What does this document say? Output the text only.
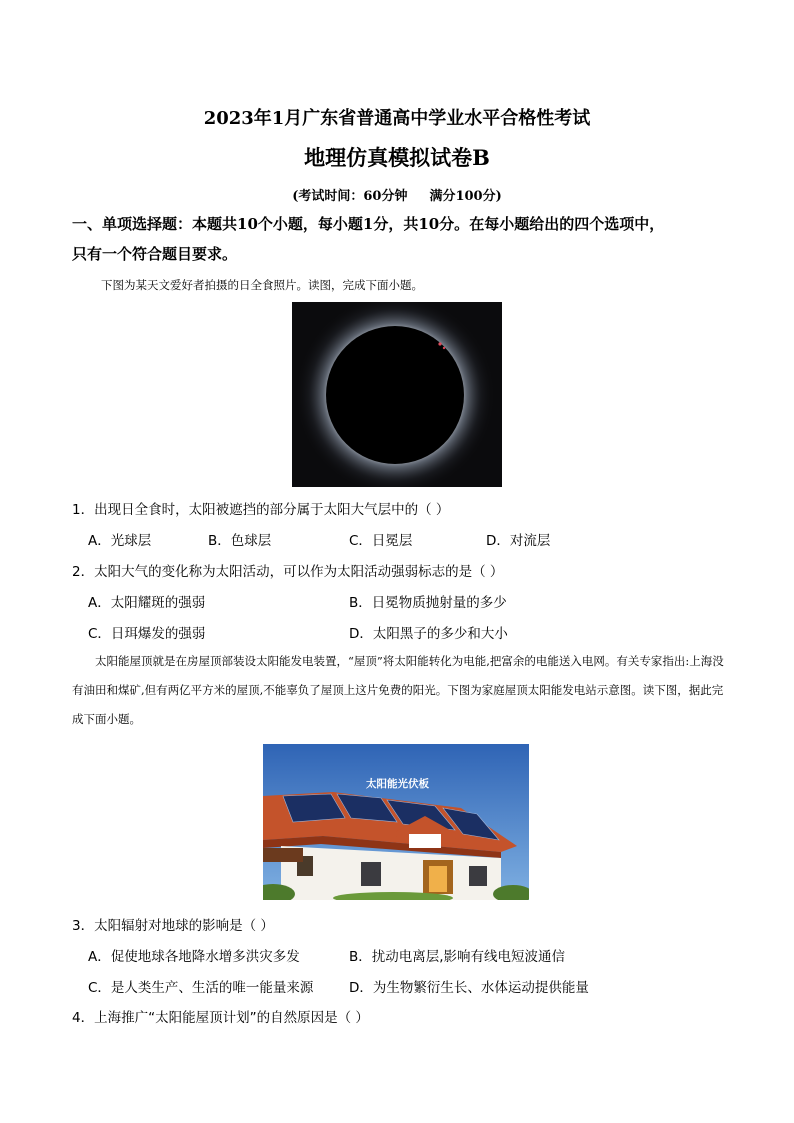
2023年1月广东省普通高中学业水平合格性考试
地理仿真模拟试卷B
(考试时间：60分钟 满分100分)
一、单项选择题：本题共10个小题，每小题1分，共10分。在每小题给出的四个选项中，
只有一个符合题目要求。
下图为某天文爱好者拍摄的日全食照片。读图，完成下面小题。
1．出现日全食时，太阳被遮挡的部分属于太阳大气层中的（ ）
A．光球层	B．色球层	C．日冕层	D．对流层
2．太阳大气的变化称为太阳活动，可以作为太阳活动强弱标志的是（ ）
A．太阳耀斑的强弱	B．日冕物质抛射量的多少
C．日珥爆发的强弱	D．太阳黑子的多少和大小
太阳能屋顶就是在房屋顶部装设太阳能发电装置，“屋顶”将太阳能转化为电能,把富余的电能送入电网。有关专家指出:上海没有油田和煤矿,但有两亿平方米的屋顶,不能辜负了屋顶上这片免费的阳光。下图为家庭屋顶太阳能发电站示意图。读下图，据此完成下面小题。
太阳能光伏板
3．太阳辐射对地球的影响是（ ）
A．促使地球各地降水增多洪灾多发	B．扰动电离层,影响有线电短波通信
C．是人类生产、生活的唯一能量来源	D．为生物繁衍生长、水体运动提供能量
4．上海推广“太阳能屋顶计划”的自然原因是（ ）
